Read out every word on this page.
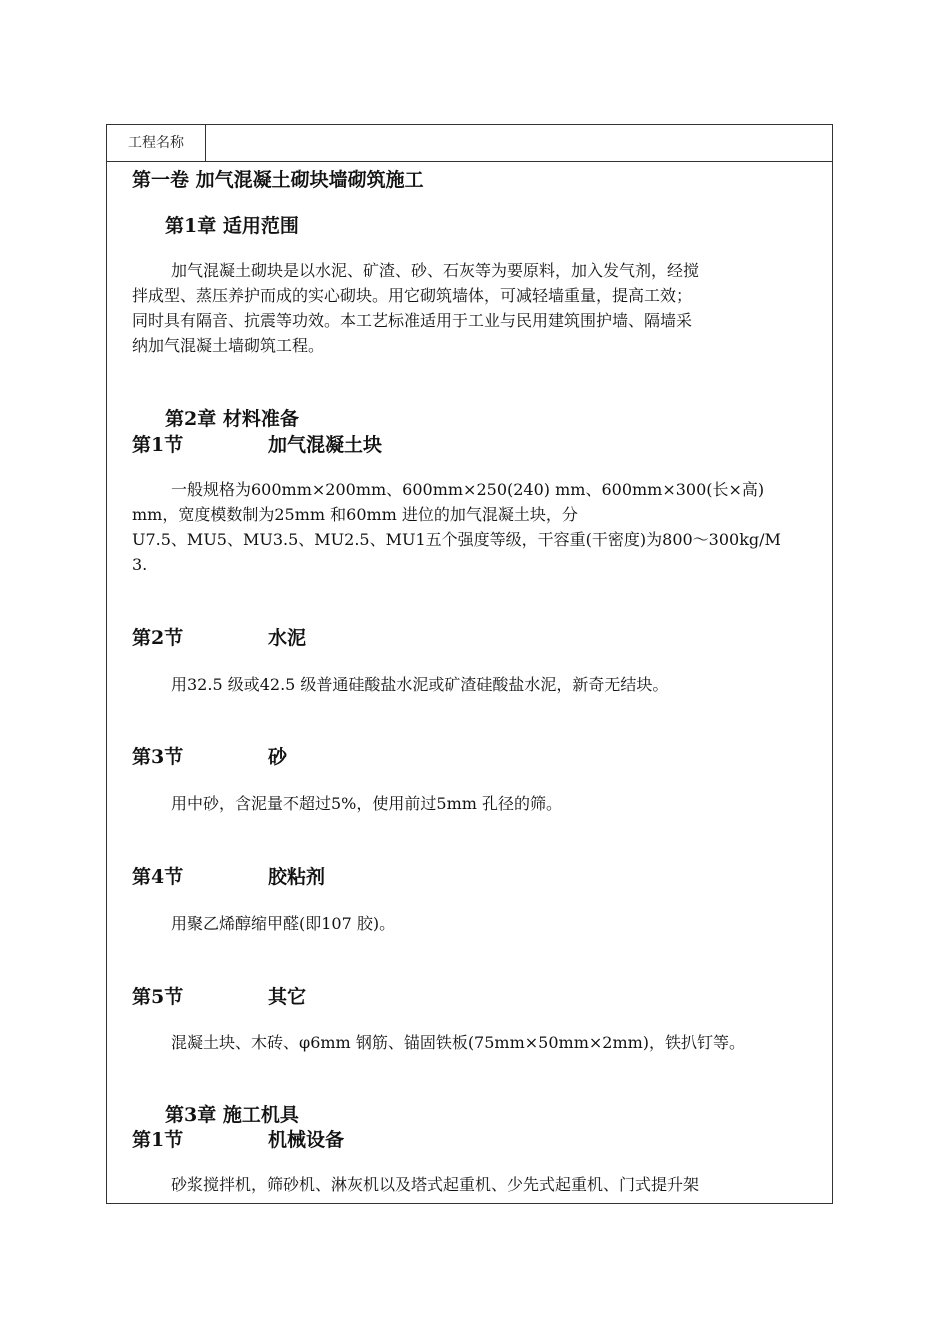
工程名称
第一卷 加气混凝土砌块墙砌筑施工
第1章 适用范围
加气混凝土砌块是以水泥、矿渣、砂、石灰等为要原料，加入发气剂，经搅
拌成型、蒸压养护而成的实心砌块。用它砌筑墙体，可减轻墙重量，提高工效；
同时具有隔音、抗震等功效。本工艺标准适用于工业与民用建筑围护墙、隔墙采
纳加气混凝土墙砌筑工程。
第2章 材料准备
第1节	加气混凝土块
一般规格为600mm×200mm、600mm×250(240) mm、600mm×300(长×高)
mm，宽度模数制为25mm 和60mm 进位的加气混凝土块，分
U7.5、MU5、MU3.5、MU2.5、MU1五个强度等级，干容重(干密度)为800～300kg/M
3.
第2节	水泥
用32.5 级或42.5 级普通硅酸盐水泥或矿渣硅酸盐水泥，新奇无结块。
第3节	砂
用中砂，含泥量不超过5%，使用前过5mm 孔径的筛。
第4节	胶粘剂
用聚乙烯醇缩甲醛(即107 胶)。
第5节	其它
混凝土块、木砖、φ6mm 钢筋、锚固铁板(75mm×50mm×2mm)，铁扒钉等。
第3章 施工机具
第1节	机械设备
砂浆搅拌机，筛砂机、淋灰机以及塔式起重机、少先式起重机、门式提升架
